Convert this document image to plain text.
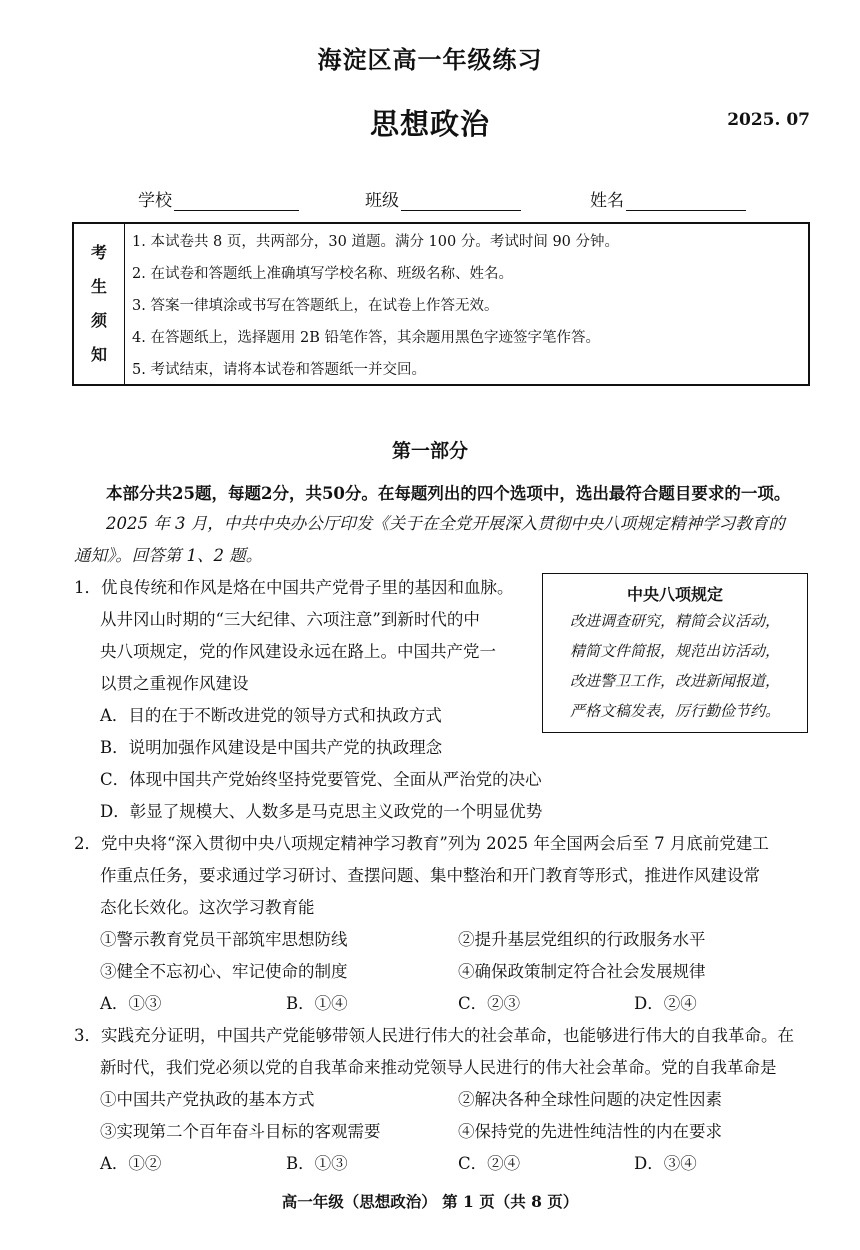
海淀区高一年级练习
思想政治	2025. 07
学校	班级	姓名
考
生
须
知
1. 本试卷共 8 页，共两部分，30 道题。满分 100 分。考试时间 90 分钟。
2. 在试卷和答题纸上准确填写学校名称、班级名称、姓名。
3. 答案一律填涂或书写在答题纸上，在试卷上作答无效。
4. 在答题纸上，选择题用 2B 铅笔作答，其余题用黑色字迹签字笔作答。
5. 考试结束，请将本试卷和答题纸一并交回。
第一部分
本部分共25题，每题2分，共50分。在每题列出的四个选项中，选出最符合题目要求的一项。
2025 年 3 月，中共中央办公厅印发《关于在全党开展深入贯彻中央八项规定精神学习教育的
通知》。回答第 1、2 题。
中央八项规定
改进调查研究，精简会议活动，
精简文件简报，规范出访活动，
改进警卫工作，改进新闻报道，
严格文稿发表，厉行勤俭节约。
1．优良传统和作风是烙在中国共产党骨子里的基因和血脉。
从井冈山时期的“三大纪律、六项注意”到新时代的中
央八项规定，党的作风建设永远在路上。中国共产党一
以贯之重视作风建设
A．目的在于不断改进党的领导方式和执政方式
B．说明加强作风建设是中国共产党的执政理念
C．体现中国共产党始终坚持党要管党、全面从严治党的决心
D．彰显了规模大、人数多是马克思主义政党的一个明显优势
2．党中央将“深入贯彻中央八项规定精神学习教育”列为 2025 年全国两会后至 7 月底前党建工
作重点任务，要求通过学习研讨、查摆问题、集中整治和开门教育等形式，推进作风建设常
态化长效化。这次学习教育能
①警示教育党员干部筑牢思想防线	②提升基层党组织的行政服务水平
③健全不忘初心、牢记使命的制度	④确保政策制定符合社会发展规律
A．①③	B．①④	C．②③	D．②④
3．实践充分证明，中国共产党能够带领人民进行伟大的社会革命，也能够进行伟大的自我革命。在
新时代，我们党必须以党的自我革命来推动党领导人民进行的伟大社会革命。党的自我革命是
①中国共产党执政的基本方式	②解决各种全球性问题的决定性因素
③实现第二个百年奋斗目标的客观需要	④保持党的先进性纯洁性的内在要求
A．①②	B．①③	C．②④	D．③④
高一年级（思想政治） 第 1 页（共 8 页）
